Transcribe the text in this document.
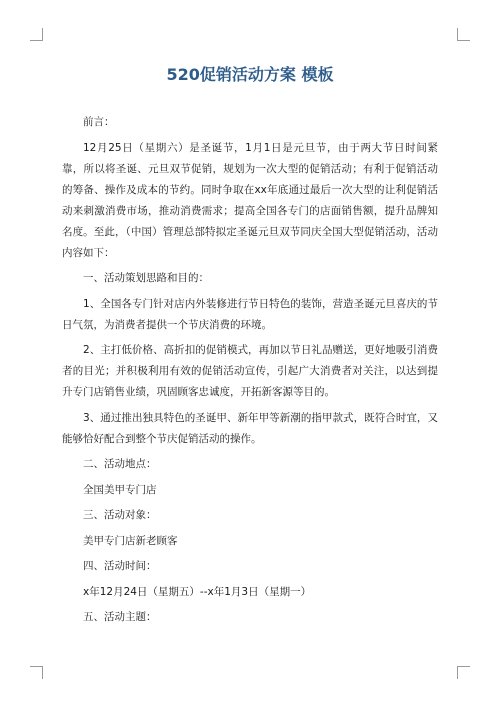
520促销活动方案 模板

前言：

12月25日（星期六）是圣诞节，1月1日是元旦节，由于两大节日时间紧靠，所以将圣诞、元旦双节促销，规划为一次大型的促销活动；有利于促销活动的筹备、操作及成本的节约。同时争取在xx年底通过最后一次大型的让利促销活动来刺激消费市场，推动消费需求；提高全国各专门的店面销售额，提升品牌知名度。至此，（中国）管理总部特拟定圣诞元旦双节同庆全国大型促销活动，活动内容如下：

一、活动策划思路和目的：

1、全国各专门针对店内外装修进行节日特色的装饰，营造圣诞元旦喜庆的节日气氛，为消费者提供一个节庆消费的环境。

2、主打低价格、高折扣的促销模式，再加以节日礼品赠送，更好地吸引消费者的目光；并积极利用有效的促销活动宣传，引起广大消费者对关注，以达到提升专门店销售业绩，巩固顾客忠诚度，开拓新客源等目的。

3、通过推出独具特色的圣诞甲、新年甲等新潮的指甲款式，既符合时宜，又能够恰好配合到整个节庆促销活动的操作。

二、活动地点：

全国美甲专门店

三、活动对象：

美甲专门店新老顾客

四、活动时间：

x年12月24日（星期五）--x年1月3日（星期一）

五、活动主题：
